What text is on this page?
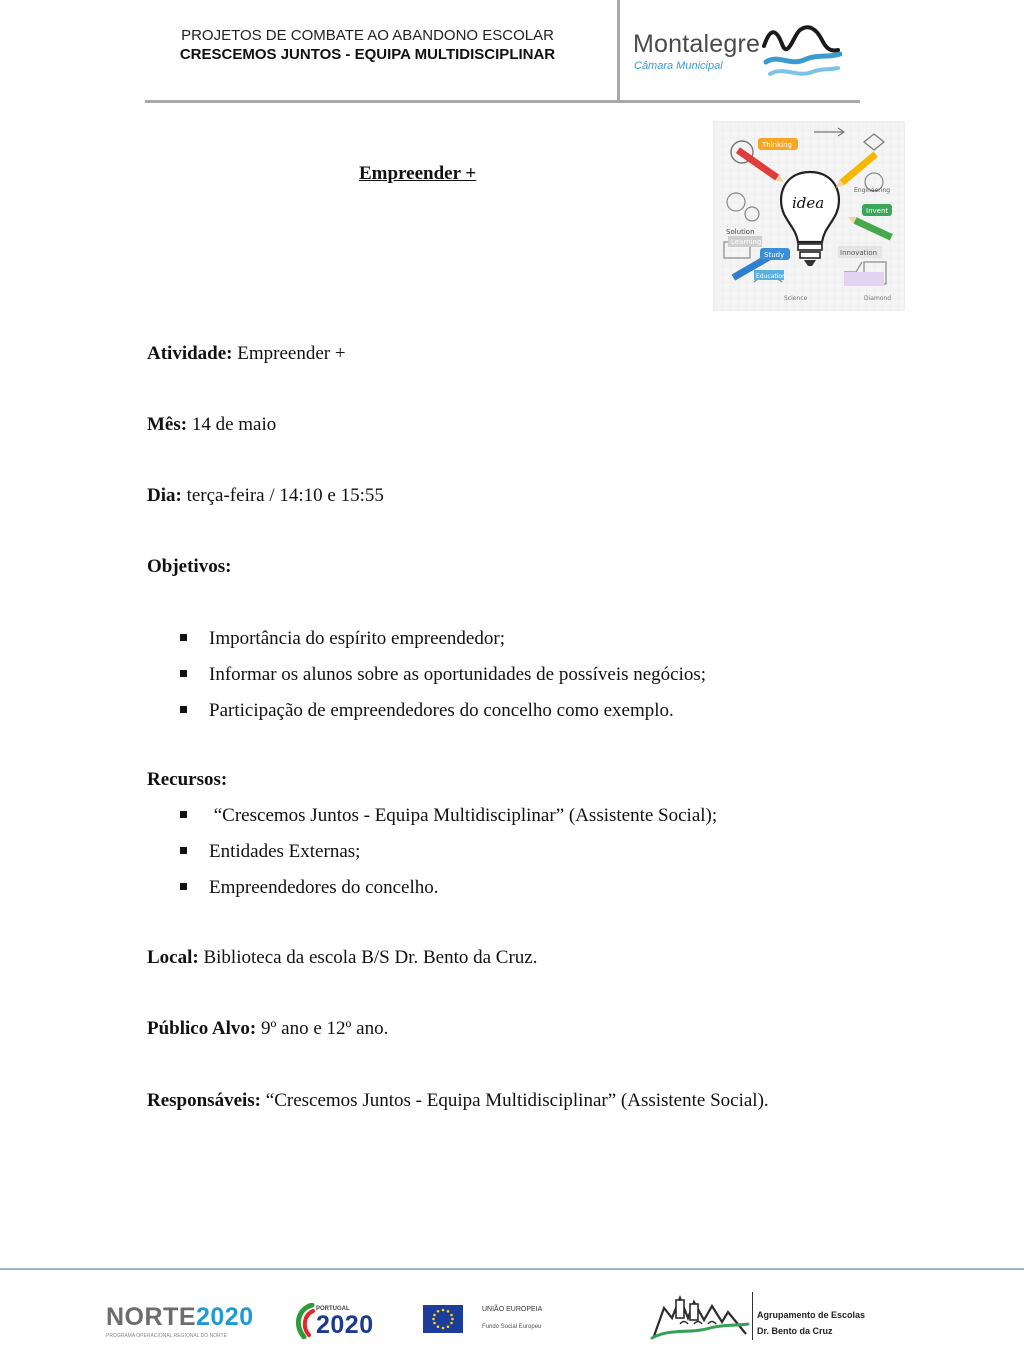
PROJETOS DE COMBATE AO ABANDONO ESCOLAR
CRESCEMOS JUNTOS - EQUIPA MULTIDISCIPLINAR	Montalegre
Câmara Municipal
Empreender +
idea
Thinking
Solution
Learning
Study	Innovation
Invent
Engineering
Education
Science	Diamond
Atividade: Empreender +
Mês: 14 de maio
Dia: terça-feira / 14:10 e 15:55
Objetivos:
Importância do espírito empreendedor;
Informar os alunos sobre as oportunidades de possíveis negócios;
Participação de empreendedores do concelho como exemplo.
Recursos:
“Crescemos Juntos - Equipa Multidisciplinar” (Assistente Social);
Entidades Externas;
Empreendedores do concelho.
Local: Biblioteca da escola B/S Dr. Bento da Cruz.
Público Alvo: 9º ano e 12º ano.
Responsáveis: “Crescemos Juntos - Equipa Multidisciplinar” (Assistente Social).
NORTE2020
PROGRAMA OPERACIONAL REGIONAL DO NORTE
PORTUGAL
2020
UNIÃO EUROPEIA
Fundo Social Europeu
Agrupamento de Escolas
Dr. Bento da Cruz
